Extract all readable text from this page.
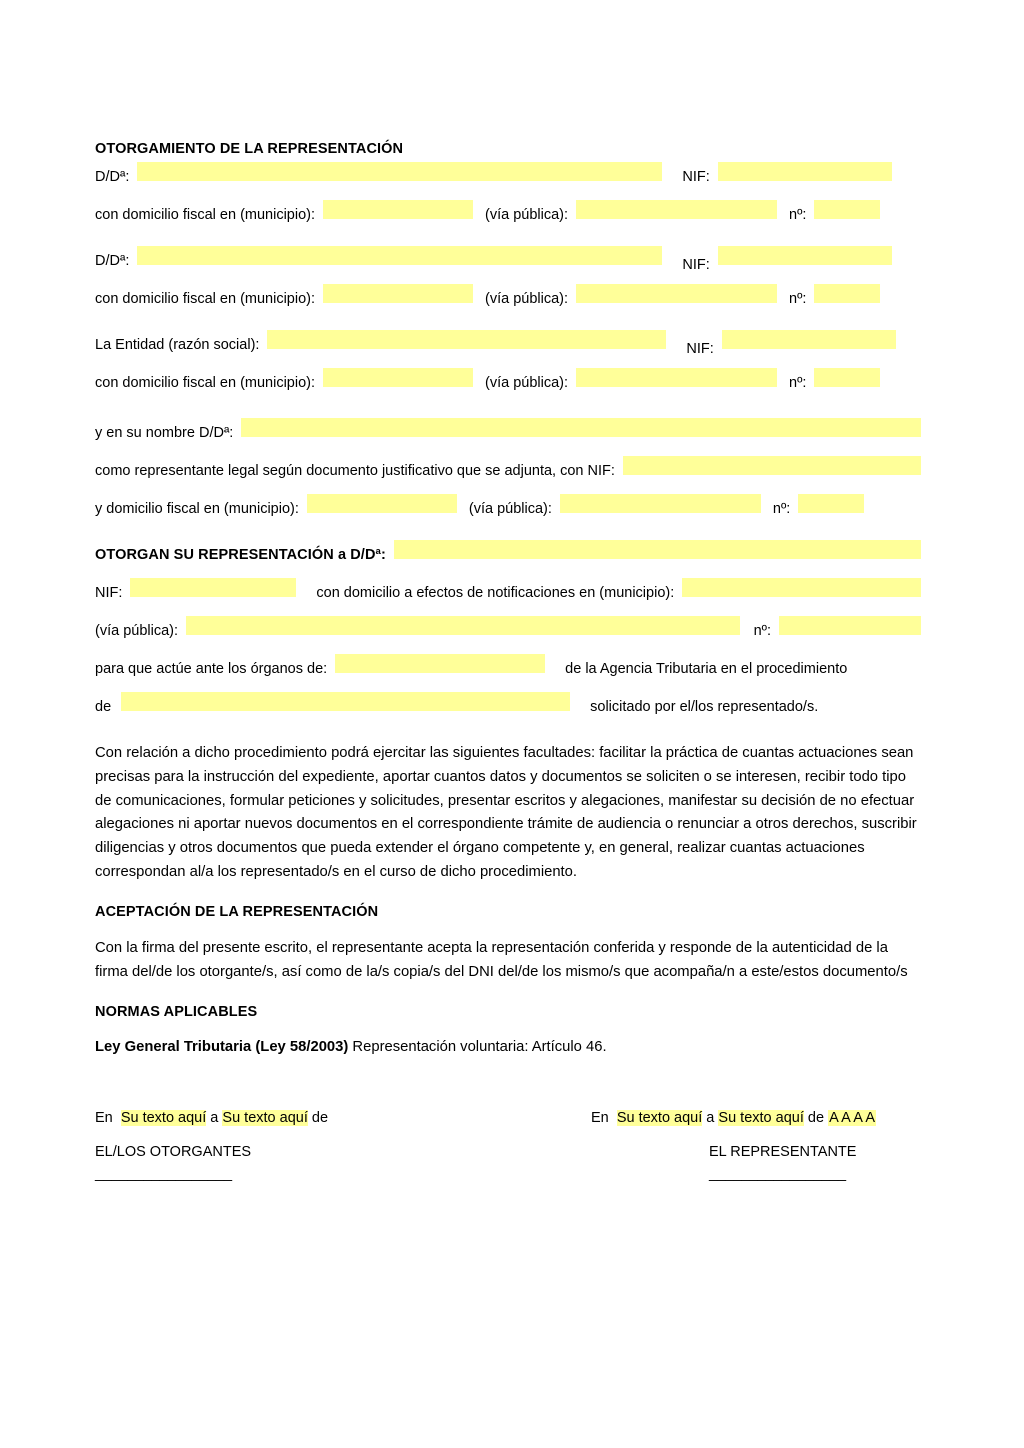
OTORGAMIENTO DE LA REPRESENTACIÓN
D/Dª:	NIF:
con domicilio fiscal en (municipio):	(vía pública):	nº:
D/Dª:	NIF:
con domicilio fiscal en (municipio):	(vía pública):	nº:
La Entidad (razón social):	NIF:
con domicilio fiscal en (municipio):	(vía pública):	nº:
y en su nombre D/Dª:
como representante legal según documento justificativo que se adjunta, con NIF:
y domicilio fiscal en (municipio):	(vía pública):	nº:
OTORGAN SU REPRESENTACIÓN a D/Dª:
NIF:	con domicilio a efectos de notificaciones en (municipio):
(vía pública):	nº:
para que actúe ante los órganos de:	de la Agencia Tributaria en el procedimiento
de	solicitado por el/los representado/s.

Con relación a dicho procedimiento podrá ejercitar las siguientes facultades: facilitar la práctica de cuantas actuaciones sean precisas para la instrucción del expediente, aportar cuantos datos y documentos se soliciten o se interesen, recibir todo tipo de comunicaciones, formular peticiones y solicitudes, presentar escritos y alegaciones, manifestar su decisión de no efectuar alegaciones ni aportar nuevos documentos en el correspondiente trámite de audiencia o renunciar a otros derechos, suscribir diligencias y otros documentos que pueda extender el órgano competente y, en general, realizar cuantas actuaciones correspondan al/a los representado/s en el curso de dicho procedimiento.

ACEPTACIÓN DE LA REPRESENTACIÓN

Con la firma del presente escrito, el representante acepta la representación conferida y responde de la autenticidad de la firma del/de los otorgante/s, así como de la/s copia/s del DNI del/de los mismo/s que acompaña/n a este/estos documento/s

NORMAS APLICABLES
Ley General Tributaria (Ley 58/2003) Representación voluntaria: Artículo 46.
En Su texto aquí a Su texto aquí de
EL/LOS OTORGANTES
_________________
En Su texto aquí a Su texto aquí de A A A A
EL REPRESENTANTE
_________________
